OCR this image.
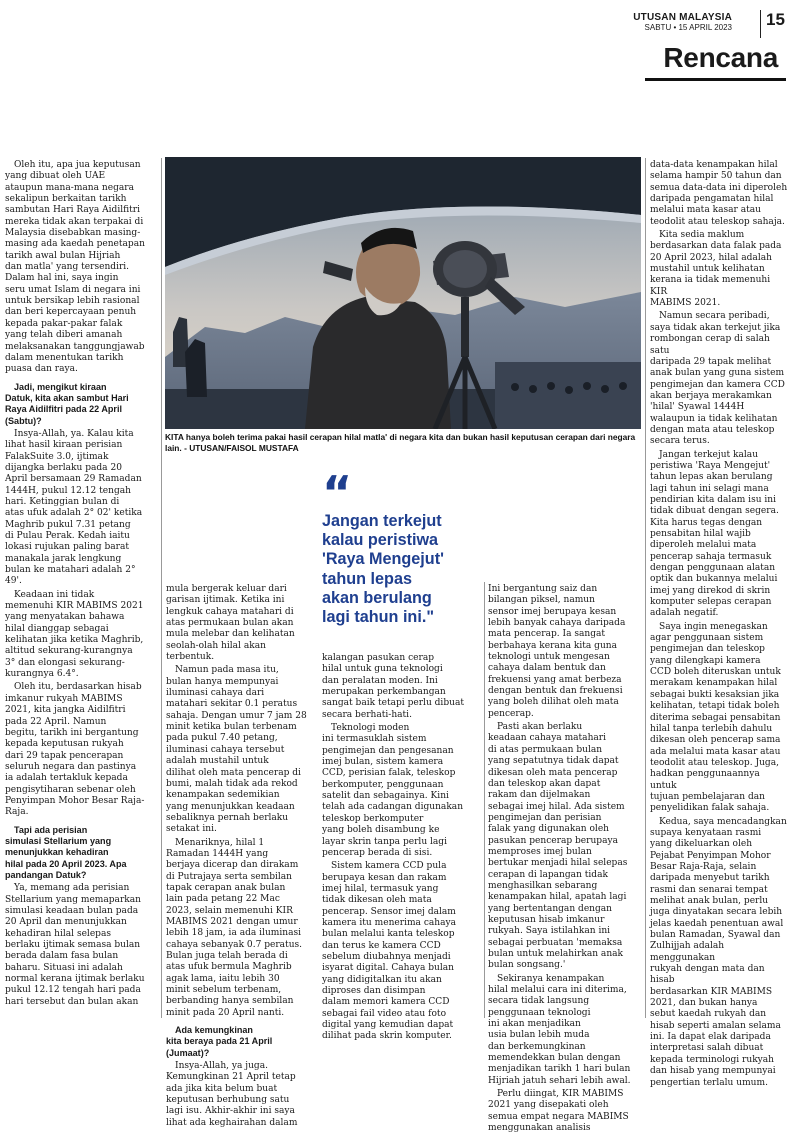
UTUSAN MALAYSIA
SABTU • 15 APRIL 2023 15
Rencana
KITA hanya boleh terima pakai hasil cerapan hilal matla' di negara kita dan bukan hasil keputusan cerapan dari negara lain. - UTUSAN/FAISOL MUSTAFA
“
Jangan terkejut
kalau peristiwa
'Raya Mengejut'
tahun lepas
akan berulang
lagi tahun ini."

Oleh itu, apa jua keputusan
yang dibuat oleh UAE
ataupun mana-mana negara
sekalipun berkaitan tarikh
sambutan Hari Raya Aidilfitri
mereka tidak akan terpakai di
Malaysia disebabkan masing-
masing ada kaedah penetapan
tarikh awal bulan Hijriah
dan matla' yang tersendiri.
Dalam hal ini, saya ingin
seru umat Islam di negara ini
untuk bersikap lebih rasional
dan beri kepercayaan penuh
kepada pakar-pakar falak
yang telah diberi amanah
melaksanakan tanggungjawab
dalam menentukan tarikh
puasa dan raya.

Jadi, mengikut kiraan
Datuk, kita akan sambut Hari
Raya Aidilfitri pada 22 April
(Sabtu)?

Insya-Allah, ya. Kalau kita
lihat hasil kiraan perisian
FalakSuite 3.0, ijtimak
dijangka berlaku pada 20
April bersamaan 29 Ramadan
1444H, pukul 12.12 tengah
hari. Ketinggian bulan di
atas ufuk adalah 2° 02' ketika
Maghrib pukul 7.31 petang
di Pulau Perak. Kedah iaitu
lokasi rujukan paling barat
manakala jarak lengkung
bulan ke matahari adalah 2°
49'.

Keadaan ini tidak
memenuhi KIR MABIMS 2021
yang menyatakan bahawa
hilal dianggap sebagai
kelihatan jika ketika Maghrib,
altitud sekurang-kurangnya
3° dan elongasi sekurang-
kurangnya 6.4°.

Oleh itu, berdasarkan hisab
imkanur rukyah MABIMS
2021, kita jangka Aidilfitri
pada 22 April. Namun
begitu, tarikh ini bergantung
kepada keputusan rukyah
dari 29 tapak pencerapan
seluruh negara dan pastinya
ia adalah tertakluk kepada
pengisytiharan sebenar oleh
Penyimpan Mohor Besar Raja-
Raja.

Tapi ada perisian
simulasi Stellarium yang
menunjukkan kehadiran
hilal pada 20 April 2023. Apa
pandangan Datuk?

Ya, memang ada perisian
Stellarium yang memaparkan
simulasi keadaan bulan pada
20 April dan menunjukkan
kehadiran hilal selepas
berlaku ijtimak semasa bulan
berada dalam fasa bulan
baharu. Situasi ini adalah
normal kerana ijtimak berlaku
pukul 12.12 tengah hari pada
hari tersebut dan bulan akan

mula bergerak keluar dari
garisan ijtimak. Ketika ini
lengkuk cahaya matahari di
atas permukaan bulan akan
mula melebar dan kelihatan
seolah-olah hilal akan
terbentuk.

Namun pada masa itu,
bulan hanya mempunyai
iluminasi cahaya dari
matahari sekitar 0.1 peratus
sahaja. Dengan umur 7 jam 28
minit ketika bulan terbenam
pada pukul 7.40 petang,
iluminasi cahaya tersebut
adalah mustahil untuk
dilihat oleh mata pencerap di
bumi, malah tidak ada rekod
kenampakan sedemikian
yang menunjukkan keadaan
sebaliknya pernah berlaku
setakat ini.

Menariknya, hilal 1
Ramadan 1444H yang
berjaya dicerap dan dirakam
di Putrajaya serta sembilan
tapak cerapan anak bulan
lain pada petang 22 Mac
2023, selain memenuhi KIR
MABIMS 2021 dengan umur
lebih 18 jam, ia ada iluminasi
cahaya sebanyak 0.7 peratus.
Bulan juga telah berada di
atas ufuk bermula Maghrib
agak lama, iaitu lebih 30
minit sebelum terbenam,
berbanding hanya sembilan
minit pada 20 April nanti.

Ada kemungkinan
kita beraya pada 21 April
(Jumaat)?

Insya-Allah, ya juga.
Kemungkinan 21 April tetap
ada jika kita belum buat
keputusan berhubung satu
lagi isu. Akhir-akhir ini saya
lihat ada keghairahan dalam

kalangan pasukan cerap
hilal untuk guna teknologi
dan peralatan moden. Ini
merupakan perkembangan
sangat baik tetapi perlu dibuat
secara berhati-hati.

Teknologi moden
ini termasuklah sistem
pengimejan dan pengesanan
imej bulan, sistem kamera
CCD, perisian falak, teleskop
berkomputer, penggunaan
satelit dan sebagainya. Kini
telah ada cadangan digunakan
teleskop berkomputer
yang boleh disambung ke
layar skrin tanpa perlu lagi
pencerap berada di sisi.

Sistem kamera CCD pula
berupaya kesan dan rakam
imej hilal, termasuk yang
tidak dikesan oleh mata
pencerap. Sensor imej dalam
kamera itu menerima cahaya
bulan melalui kanta teleskop
dan terus ke kamera CCD
sebelum diubahnya menjadi
isyarat digital. Cahaya bulan
yang didigitalkan itu akan
diproses dan disimpan
dalam memori kamera CCD
sebagai fail video atau foto
digital yang kemudian dapat
dilihat pada skrin komputer.

Ini bergantung saiz dan
bilangan piksel, namun
sensor imej berupaya kesan
lebih banyak cahaya daripada
mata pencerap. Ia sangat
berbahaya kerana kita guna
teknologi untuk mengesan
cahaya dalam bentuk dan
frekuensi yang amat berbeza
dengan bentuk dan frekuensi
yang boleh dilihat oleh mata
pencerap.

Pasti akan berlaku
keadaan cahaya matahari
di atas permukaan bulan
yang sepatutnya tidak dapat
dikesan oleh mata pencerap
dan teleskop akan dapat
rakam dan dijelmakan
sebagai imej hilal. Ada sistem
pengimejan dan perisian
falak yang digunakan oleh
pasukan pencerap berupaya
memproses imej bulan
bertukar menjadi hilal selepas
cerapan di lapangan tidak
menghasilkan sebarang
kenampakan hilal, apatah lagi
yang bertentangan dengan
keputusan hisab imkanur
rukyah. Saya istilahkan ini
sebagai perbuatan 'memaksa
bulan untuk melahirkan anak
bulan songsang.'

Sekiranya kenampakan
hilal melalui cara ini diterima,
secara tidak langsung
penggunaan teknologi
ini akan menjadikan
usia bulan lebih muda
dan berkemungkinan
memendekkan bulan dengan
menjadikan tarikh 1 hari bulan
Hijriah jatuh sehari lebih awal.

Perlu diingat, KIR MABIMS
2021 yang disepakati oleh
semua empat negara MABIMS
menggunakan analisis

data-data kenampakan hilal
selama hampir 50 tahun dan
semua data-data ini diperoleh
daripada pengamatan hilal
melalui mata kasar atau
teodolit atau teleskop sahaja.

Kita sedia maklum
berdasarkan data falak pada
20 April 2023, hilal adalah
mustahil untuk kelihatan
kerana ia tidak memenuhi KIR
MABIMS 2021.

Namun secara peribadi,
saya tidak akan terkejut jika
rombongan cerap di salah satu
daripada 29 tapak melihat
anak bulan yang guna sistem
pengimejan dan kamera CCD
akan berjaya merakamkan
'hilal' Syawal 1444H
walaupun ia tidak kelihatan
dengan mata atau teleskop
secara terus.

Jangan terkejut kalau
peristiwa 'Raya Mengejut'
tahun lepas akan berulang
lagi tahun ini selagi mana
pendirian kita dalam isu ini
tidak dibuat dengan segera.
Kita harus tegas dengan
pensabitan hilal wajib
diperoleh melalui mata
pencerap sahaja termasuk
dengan penggunaan alatan
optik dan bukannya melalui
imej yang direkod di skrin
komputer selepas cerapan
adalah negatif.

Saya ingin menegaskan
agar penggunaan sistem
pengimejan dan teleskop
yang dilengkapi kamera
CCD boleh diteruskan untuk
merakam kenampakan hilal
sebagai bukti kesaksian jika
kelihatan, tetapi tidak boleh
diterima sebagai pensabitan
hilal tanpa terlebih dahulu
dikesan oleh pencerap sama
ada melalui mata kasar atau
teodolit atau teleskop. Juga,
hadkan penggunaannya untuk
tujuan pembelajaran dan
penyelidikan falak sahaja.

Kedua, saya mencadangkan
supaya kenyataan rasmi
yang dikeluarkan oleh
Pejabat Penyimpan Mohor
Besar Raja-Raja, selain
daripada menyebut tarikh
rasmi dan senarai tempat
melihat anak bulan, perlu
juga dinyatakan secara lebih
jelas kaedah penentuan awal
bulan Ramadan, Syawal dan
Zulhijjah adalah menggunakan
rukyah dengan mata dan hisab
berdasarkan KIR MABIMS
2021, dan bukan hanya
sebut kaedah rukyah dan
hisab seperti amalan selama
ini. Ia dapat elak daripada
interpretasi salah dibuat
kepada terminologi rukyah
dan hisab yang mempunyai
pengertian terlalu umum.
